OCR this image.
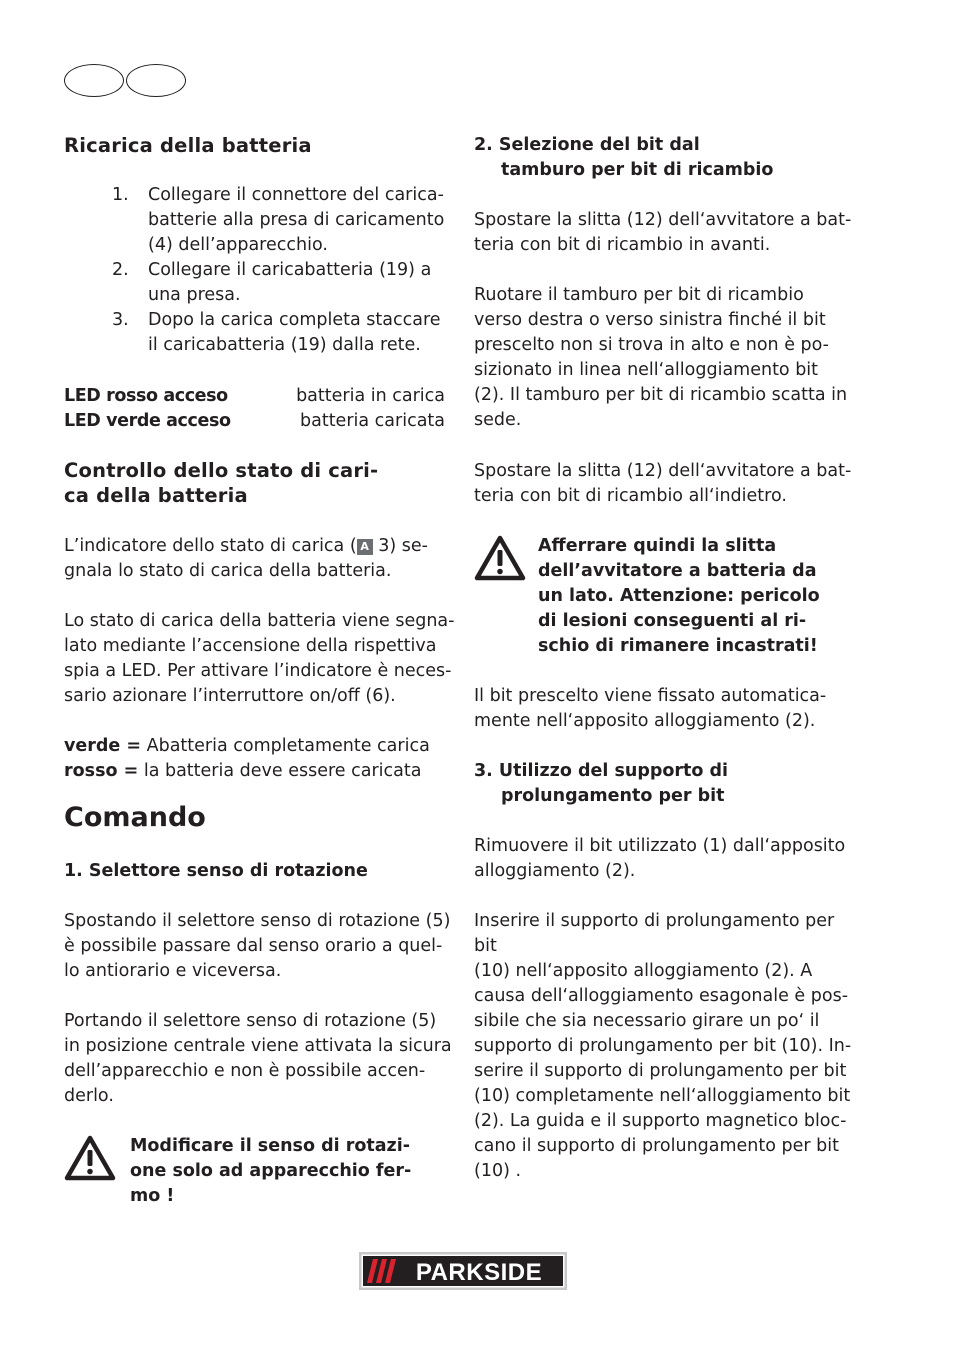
Ricarica della batteria
1. Collegare il connettore del carica-
batterie alla presa di caricamento
(4) dell’apparecchio.
2. Collegare il caricabatteria (19) a
una presa.
3. Dopo la carica completa staccare
il caricabatteria (19) dalla rete.
LED rosso acceso	batteria in carica
LED verde acceso	batteria caricata
Controllo dello stato di cari-
ca della batteria
L’indicatore dello stato di carica ( A 3) se-
gnala lo stato di carica della batteria.
Lo stato di carica della batteria viene segna-
lato mediante l’accensione della rispettiva
spia a LED. Per attivare l’indicatore è neces-
sario azionare l’interruttore on/off (6).
verde = Abatteria completamente carica
rosso = la batteria deve essere caricata
Comando
1. Selettore senso di rotazione
Spostando il selettore senso di rotazione (5)
è possibile passare dal senso orario a quel-
lo antiorario e viceversa.
Portando il selettore senso di rotazione (5)
in posizione centrale viene attivata la sicura
dell’apparecchio e non è possibile accen-
derlo.
Modificare il senso di rotazi-
one solo ad apparecchio fer-
mo !
2. Selezione del bit dal
tamburo per bit di ricambio
Spostare la slitta (12) dell‘avvitatore a bat-
teria con bit di ricambio in avanti.
Ruotare il tamburo per bit di ricambio
verso destra o verso sinistra finché il bit
prescelto non si trova in alto e non è po-
sizionato in linea nell‘alloggiamento bit
(2). Il tamburo per bit di ricambio scatta in
sede.
Spostare la slitta (12) dell‘avvitatore a bat-
teria con bit di ricambio all‘indietro.
Afferrare quindi la slitta
dell’avvitatore a batteria da
un lato. Attenzione: pericolo
di lesioni conseguenti al ri-
schio di rimanere incastrati!
Il bit prescelto viene fissato automatica-
mente nell‘apposito alloggiamento (2).
3. Utilizzo del supporto di
prolungamento per bit
Rimuovere il bit utilizzato (1) dall‘apposito
alloggiamento (2).
Inserire il supporto di prolungamento per
bit
(10) nell‘apposito alloggiamento (2). A
causa dell‘alloggiamento esagonale è pos-
sibile che sia necessario girare un po‘ il
supporto di prolungamento per bit (10). In-
serire il supporto di prolungamento per bit
(10) completamente nell‘alloggiamento bit
(2). La guida e il supporto magnetico bloc-
cano il supporto di prolungamento per bit
(10) .
PARKSIDE
